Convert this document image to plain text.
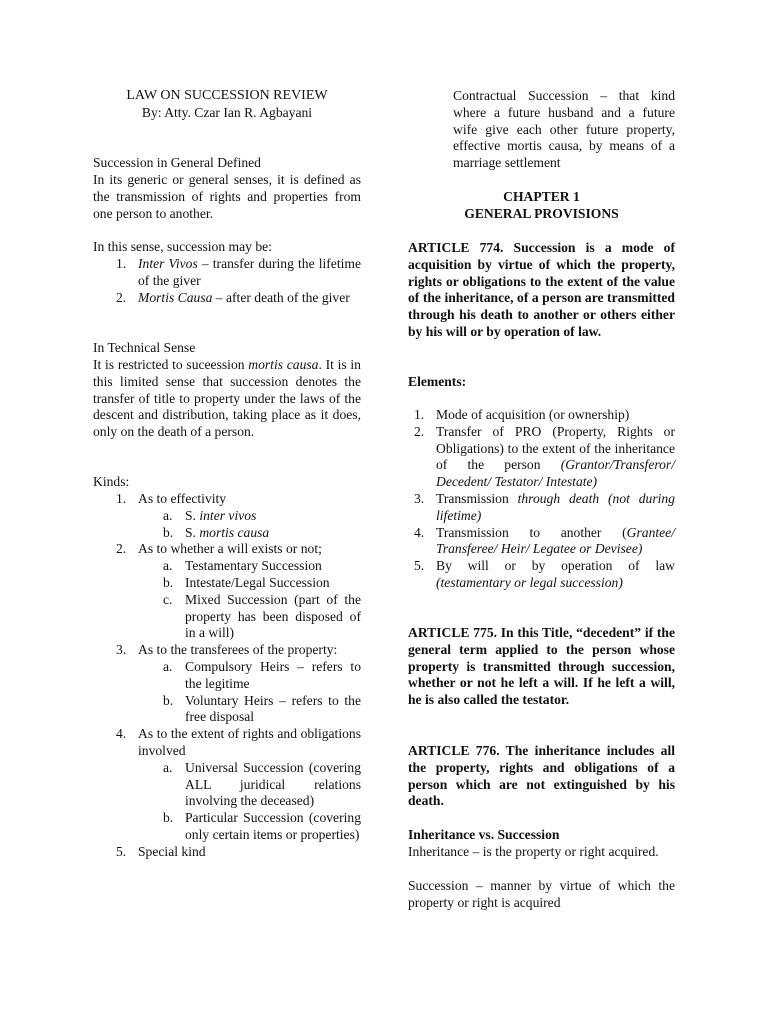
LAW ON SUCCESSION REVIEW
By: Atty. Czar Ian R. Agbayani
Succession in General Defined
In its generic or general senses, it is defined as the transmission of rights and properties from one person to another.
In this sense, succession may be:
1. Inter Vivos – transfer during the lifetime of the giver
2. Mortis Causa – after death of the giver
In Technical Sense
It is restricted to suceession mortis causa. It is in this limited sense that succession denotes the transfer of title to property under the laws of the descent and distribution, taking place as it does, only on the death of a person.
Kinds:
1. As to effectivity
a. S. inter vivos
b. S. mortis causa
2. As to whether a will exists or not;
a. Testamentary Succession
b. Intestate/Legal Succession
c. Mixed Succession (part of the property has been disposed of in a will)
3. As to the transferees of the property:
a. Compulsory Heirs – refers to the legitime
b. Voluntary Heirs – refers to the free disposal
4. As to the extent of rights and obligations involved
a. Universal Succession (covering ALL juridical relations involving the deceased)
b. Particular Succession (covering only certain items or properties)
5. Special kind
Contractual Succession – that kind where a future husband and a future wife give each other future property, effective mortis causa, by means of a marriage settlement
CHAPTER 1
GENERAL PROVISIONS
ARTICLE 774. Succession is a mode of acquisition by virtue of which the property, rights or obligations to the extent of the value of the inheritance, of a person are transmitted through his death to another or others either by his will or by operation of law.
Elements:
1. Mode of acquisition (or ownership)
2. Transfer of PRO (Property, Rights or Obligations) to the extent of the inheritance of the person (Grantor/Transferor/ Decedent/ Testator/ Intestate)
3. Transmission through death (not during lifetime)
4. Transmission to another (Grantee/ Transferee/ Heir/ Legatee or Devisee)
5. By will or by operation of law (testamentary or legal succession)
ARTICLE 775. In this Title, “decedent” if the general term applied to the person whose property is transmitted through succession, whether or not he left a will. If he left a will, he is also called the testator.
ARTICLE 776. The inheritance includes all the property, rights and obligations of a person which are not extinguished by his death.
Inheritance vs. Succession
Inheritance – is the property or right acquired.
Succession – manner by virtue of which the property or right is acquired
